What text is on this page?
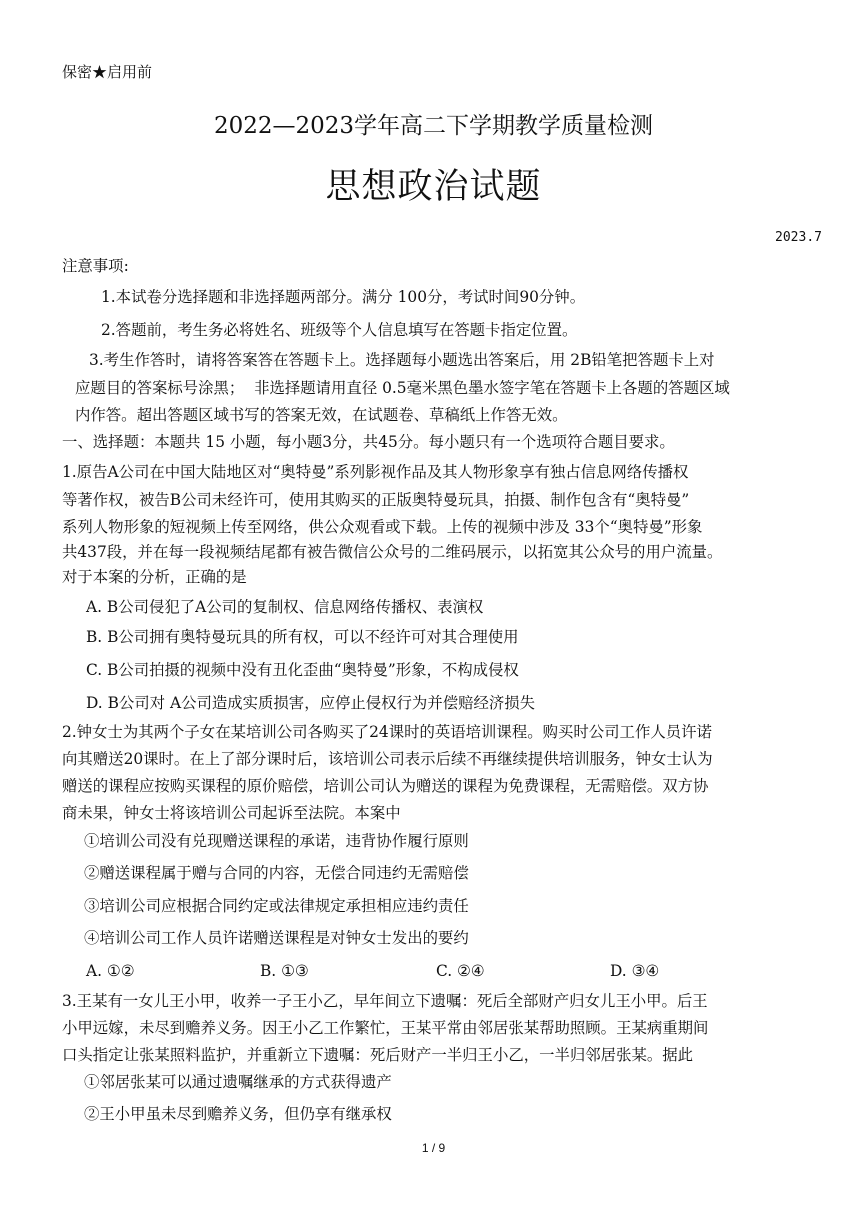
保密★启用前
2022—2023学年高二下学期教学质量检测
思想政治试题
2023.7
注意事项:
1.本试卷分选择题和非选择题两部分。满分 100分，考试时间90分钟。
2.答题前，考生务必将姓名、班级等个人信息填写在答题卡指定位置。
3.考生作答时，请将答案答在答题卡上。选择题每小题选出答案后，用 2B铅笔把答题卡上对
应题目的答案标号涂黑；  非选择题请用直径 0.5毫米黑色墨水签字笔在答题卡上各题的答题区域
内作答。超出答题区域书写的答案无效，在试题卷、草稿纸上作答无效。
一、选择题：本题共 15 小题，每小题3分，共45分。每小题只有一个选项符合题目要求。
1.原告A公司在中国大陆地区对“奥特曼”系列影视作品及其人物形象享有独占信息网络传播权
等著作权，被告B公司未经许可，使用其购买的正版奥特曼玩具，拍摄、制作包含有“奥特曼”
系列人物形象的短视频上传至网络，供公众观看或下载。上传的视频中涉及 33个“奥特曼”形象
共437段，并在每一段视频结尾都有被告微信公众号的二维码展示，以拓宽其公众号的用户流量。
对于本案的分析，正确的是
A. B公司侵犯了A公司的复制权、信息网络传播权、表演权
B. B公司拥有奥特曼玩具的所有权，可以不经许可对其合理使用
C. B公司拍摄的视频中没有丑化歪曲“奥特曼”形象，不构成侵权
D. B公司对 A公司造成实质损害，应停止侵权行为并偿赔经济损失
2.钟女士为其两个子女在某培训公司各购买了24课时的英语培训课程。购买时公司工作人员许诺
向其赠送20课时。在上了部分课时后，该培训公司表示后续不再继续提供培训服务，钟女士认为
赠送的课程应按购买课程的原价赔偿，培训公司认为赠送的课程为免费课程，无需赔偿。双方协
商未果，钟女士将该培训公司起诉至法院。本案中
①培训公司没有兑现赠送课程的承诺，违背协作履行原则
②赠送课程属于赠与合同的内容，无偿合同违约无需赔偿
③培训公司应根据合同约定或法律规定承担相应违约责任
④培训公司工作人员许诺赠送课程是对钟女士发出的要约
A. ①②	B. ①③	C. ②④	D. ③④
3.王某有一女儿王小甲，收养一子王小乙，早年间立下遗嘱：死后全部财产归女儿王小甲。后王
小甲远嫁，未尽到赡养义务。因王小乙工作繁忙，王某平常由邻居张某帮助照顾。王某病重期间
口头指定让张某照料监护，并重新立下遗嘱：死后财产一半归王小乙，一半归邻居张某。据此
①邻居张某可以通过遗嘱继承的方式获得遗产
②王小甲虽未尽到赡养义务，但仍享有继承权
1 / 9
